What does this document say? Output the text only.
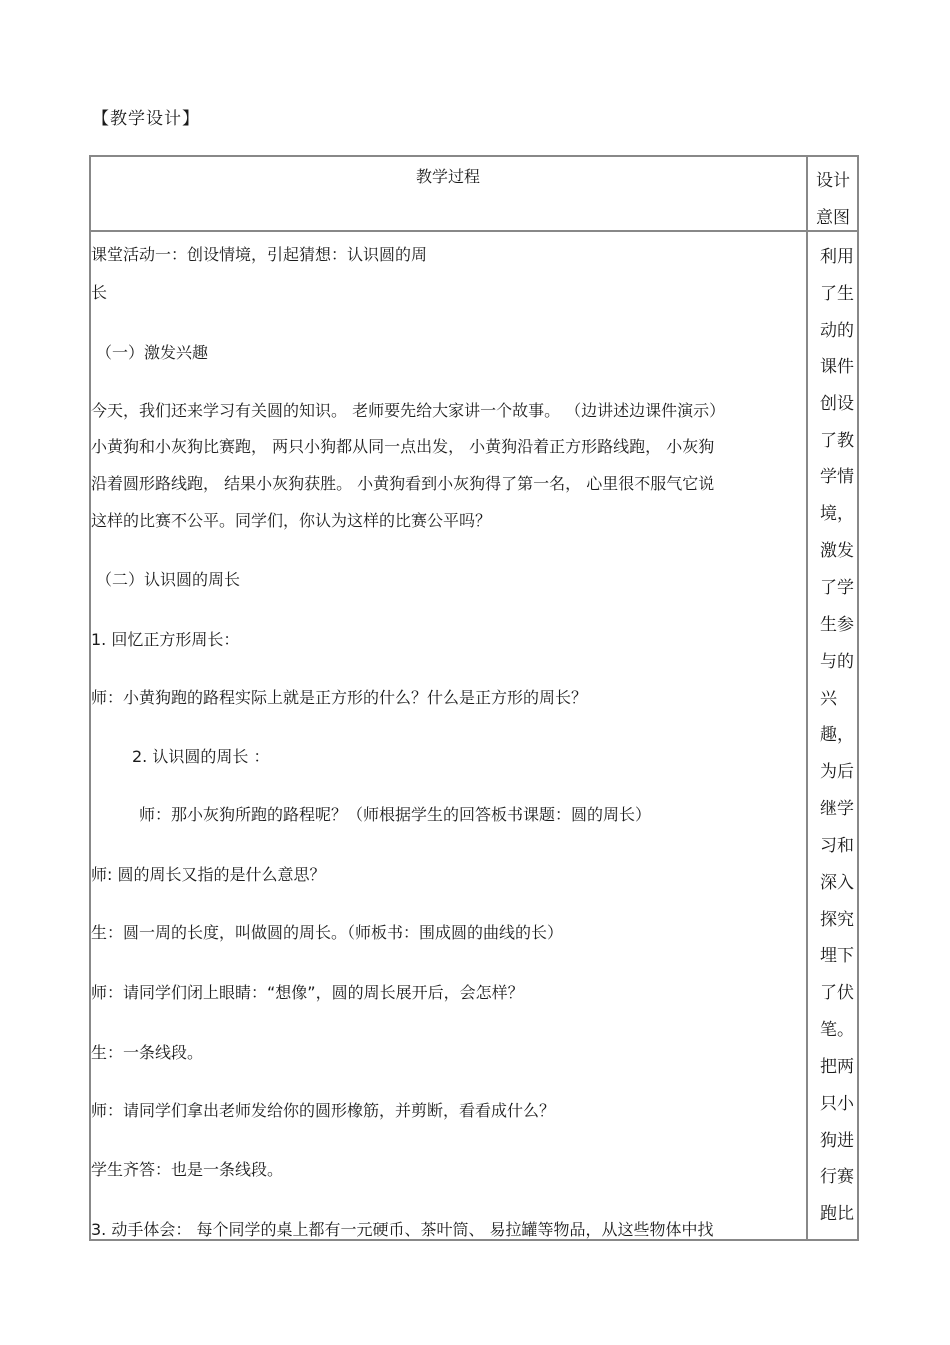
【教学设计】
教学过程	设计
意图
课堂活动一：创设情境，引起猜想：认识圆的周
长
（一）激发兴趣
今天，我们还来学习有关圆的知识。 老师要先给大家讲一个故事。 （边讲述边课件演示）
小黄狗和小灰狗比赛跑， 两只小狗都从同一点出发， 小黄狗沿着正方形路线跑， 小灰狗
沿着圆形路线跑， 结果小灰狗获胜。 小黄狗看到小灰狗得了第一名， 心里很不服气它说
这样的比赛不公平。同学们，你认为这样的比赛公平吗？
（二）认识圆的周长
1. 回忆正方形周长：
师：小黄狗跑的路程实际上就是正方形的什么？什么是正方形的周长？
2. 认识圆的周长 ：
师：那小灰狗所跑的路程呢？（师根据学生的回答板书课题：圆的周长）
师: 圆的周长又指的是什么意思？
生：圆一周的长度，叫做圆的周长。（师板书：围成圆的曲线的长）
师：请同学们闭上眼睛：“想像”，圆的周长展开后，会怎样？
生：一条线段。
师：请同学们拿出老师发给你的圆形橡筋，并剪断，看看成什么？
学生齐答：也是一条线段。
3. 动手体会： 每个同学的桌上都有一元硬币、茶叶筒、 易拉罐等物品，从这些物体中找
利用
了生
动的
课件
创设
了教
学情
境，
激发
了学
生参
与的
兴
趣，
为后
继学
习和
深入
探究
埋下
了伏
笔。
把两
只小
狗进
行赛
跑比
